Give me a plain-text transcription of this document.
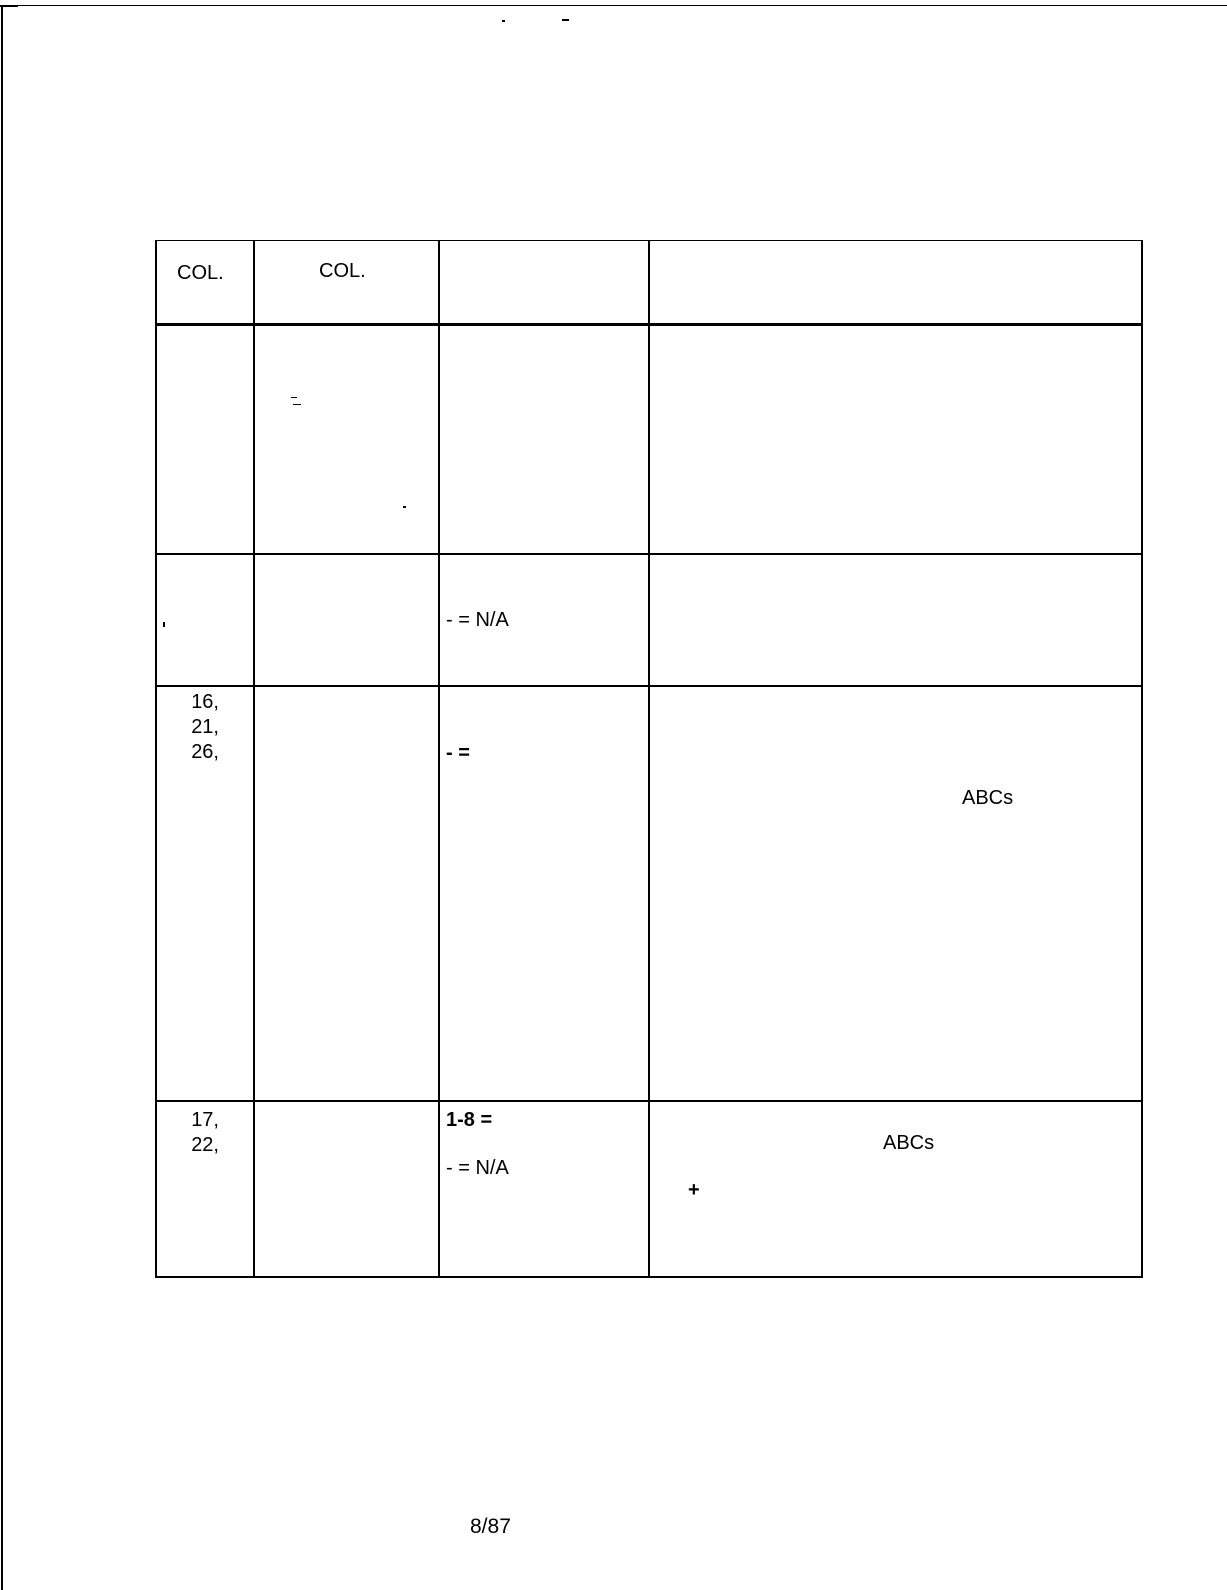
COL.	COL.
- = N/A
16,
21,
26,	- =
ABCs
17,
22,
1-8 =
- = N/A
ABCs
+
8/87
